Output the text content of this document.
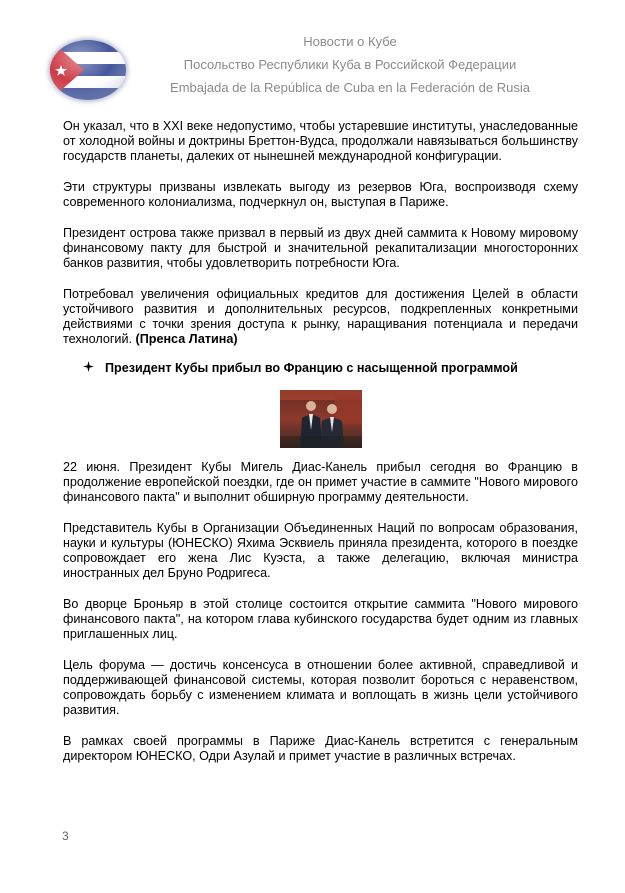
Новости о Кубе
Посольство Республики Куба в Российской Федерации
Embajada de la República de Cuba en la Federación de Rusia

Он указал, что в XXI веке недопустимо, чтобы устаревшие институты, унаследованные от холодной войны и доктрины Бреттон-Вудса, продолжали навязываться большинству государств планеты, далеких от нынешней международной конфигурации.

Эти структуры призваны извлекать выгоду из резервов Юга, воспроизводя схему современного колониализма, подчеркнул он, выступая в Париже.

Президент острова также призвал в первый из двух дней саммита к Новому мировому финансовому пакту для быстрой и значительной рекапитализации многосторонних банков развития, чтобы удовлетворить потребности Юга.

Потребовал увеличения официальных кредитов для достижения Целей в области устойчивого развития и дополнительных ресурсов, подкрепленных конкретными действиями с точки зрения доступа к рынку, наращивания потенциала и передачи технологий. (Пренса Латина)

Президент Кубы прибыл во Францию с насыщенной программой

22 июня. Президент Кубы Мигель Диас-Канель прибыл сегодня во Францию в продолжение европейской поездки, где он примет участие в саммите "Нового мирового финансового пакта" и выполнит обширную программу деятельности.

Представитель Кубы в Организации Объединенных Наций по вопросам образования, науки и культуры (ЮНЕСКО) Яхима Эсквиель приняла президента, которого в поездке сопровождает его жена Лис Куэста, а также делегацию, включая министра иностранных дел Бруно Родригеса.

Во дворце Броньяр в этой столице состоится открытие саммита "Нового мирового финансового пакта", на котором глава кубинского государства будет одним из главных приглашенных лиц.

Цель форума — достичь консенсуса в отношении более активной, справедливой и поддерживающей финансовой системы, которая позволит бороться с неравенством, сопровождать борьбу с изменением климата и воплощать в жизнь цели устойчивого развития.

В рамках своей программы в Париже Диас-Канель встретится с генеральным директором ЮНЕСКО, Одри Азулай и примет участие в различных встречах.

3
